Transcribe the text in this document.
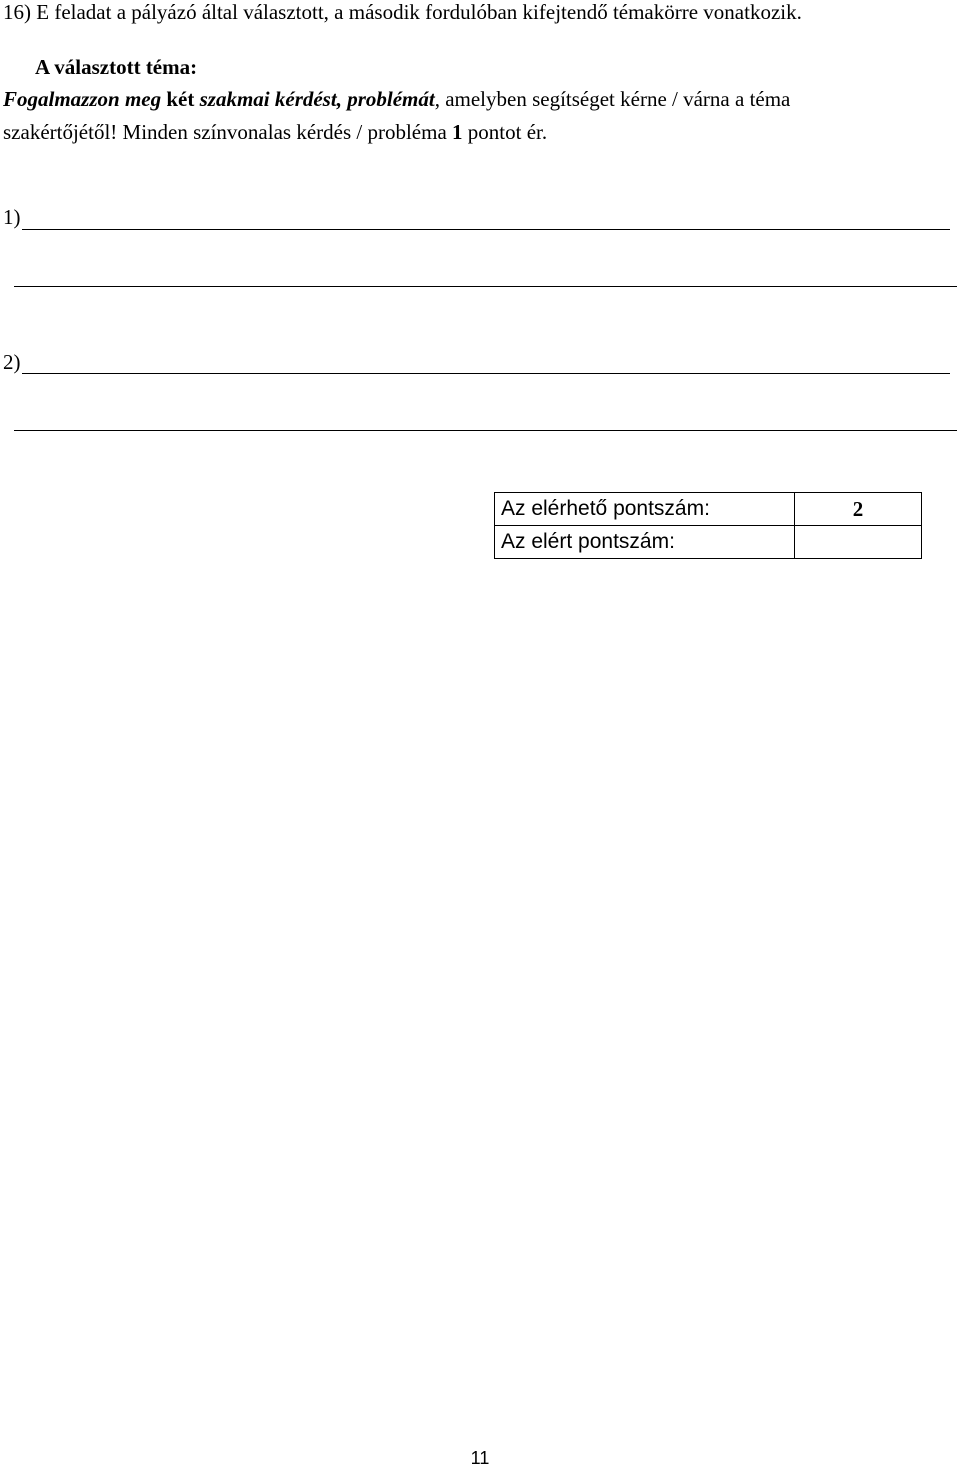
16) E feladat a pályázó által választott, a második fordulóban kifejtendő témakörre vonatkozik.
A választott téma:
Fogalmazzon meg két szakmai kérdést, problémát, amelyben segítséget kérne / várna a téma
szakértőjétől! Minden színvonalas kérdés / probléma 1 pontot ér.
1)
2)
Az elérhető pontszám:	2
Az elért pontszám:	
11
